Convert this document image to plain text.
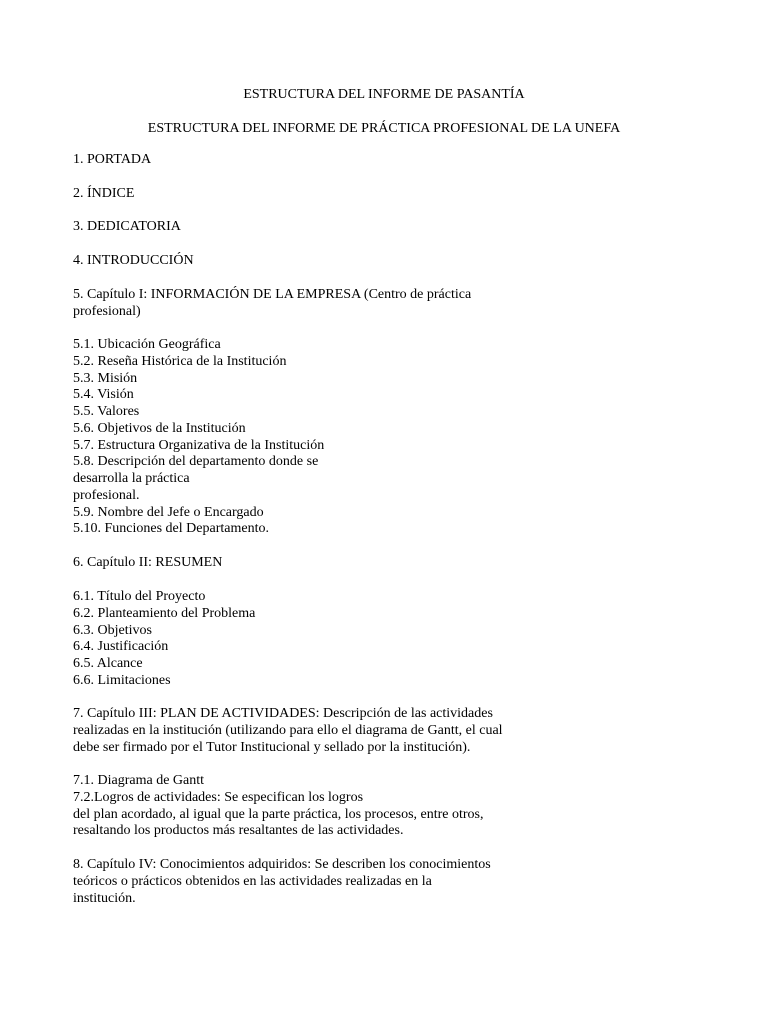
ESTRUCTURA DEL INFORME DE PASANTÍA
ESTRUCTURA DEL INFORME DE PRÁCTICA PROFESIONAL DE LA UNEFA
1. PORTADA
2. ÍNDICE
3. DEDICATORIA
4. INTRODUCCIÓN
5. Capítulo I: INFORMACIÓN DE LA EMPRESA (Centro de práctica
profesional)
5.1. Ubicación Geográfica
5.2. Reseña Histórica de la Institución
5.3. Misión
5.4. Visión
5.5. Valores
5.6. Objetivos de la Institución
5.7. Estructura Organizativa de la Institución
5.8. Descripción del departamento donde se
desarrolla la práctica
profesional.
5.9. Nombre del Jefe o Encargado
5.10. Funciones del Departamento.
6. Capítulo II: RESUMEN
6.1. Título del Proyecto
6.2. Planteamiento del Problema
6.3. Objetivos
6.4. Justificación
6.5. Alcance
6.6. Limitaciones
7. Capítulo III: PLAN DE ACTIVIDADES: Descripción de las actividades
realizadas en la institución (utilizando para ello el diagrama de Gantt, el cual
debe ser firmado por el Tutor Institucional y sellado por la institución).
7.1. Diagrama de Gantt
7.2.Logros de actividades: Se especifican los logros
del plan acordado, al igual que la parte práctica, los procesos, entre otros,
resaltando los productos más resaltantes de las actividades.
8. Capítulo IV: Conocimientos adquiridos: Se describen los conocimientos
teóricos o prácticos obtenidos en las actividades realizadas en la
institución.
